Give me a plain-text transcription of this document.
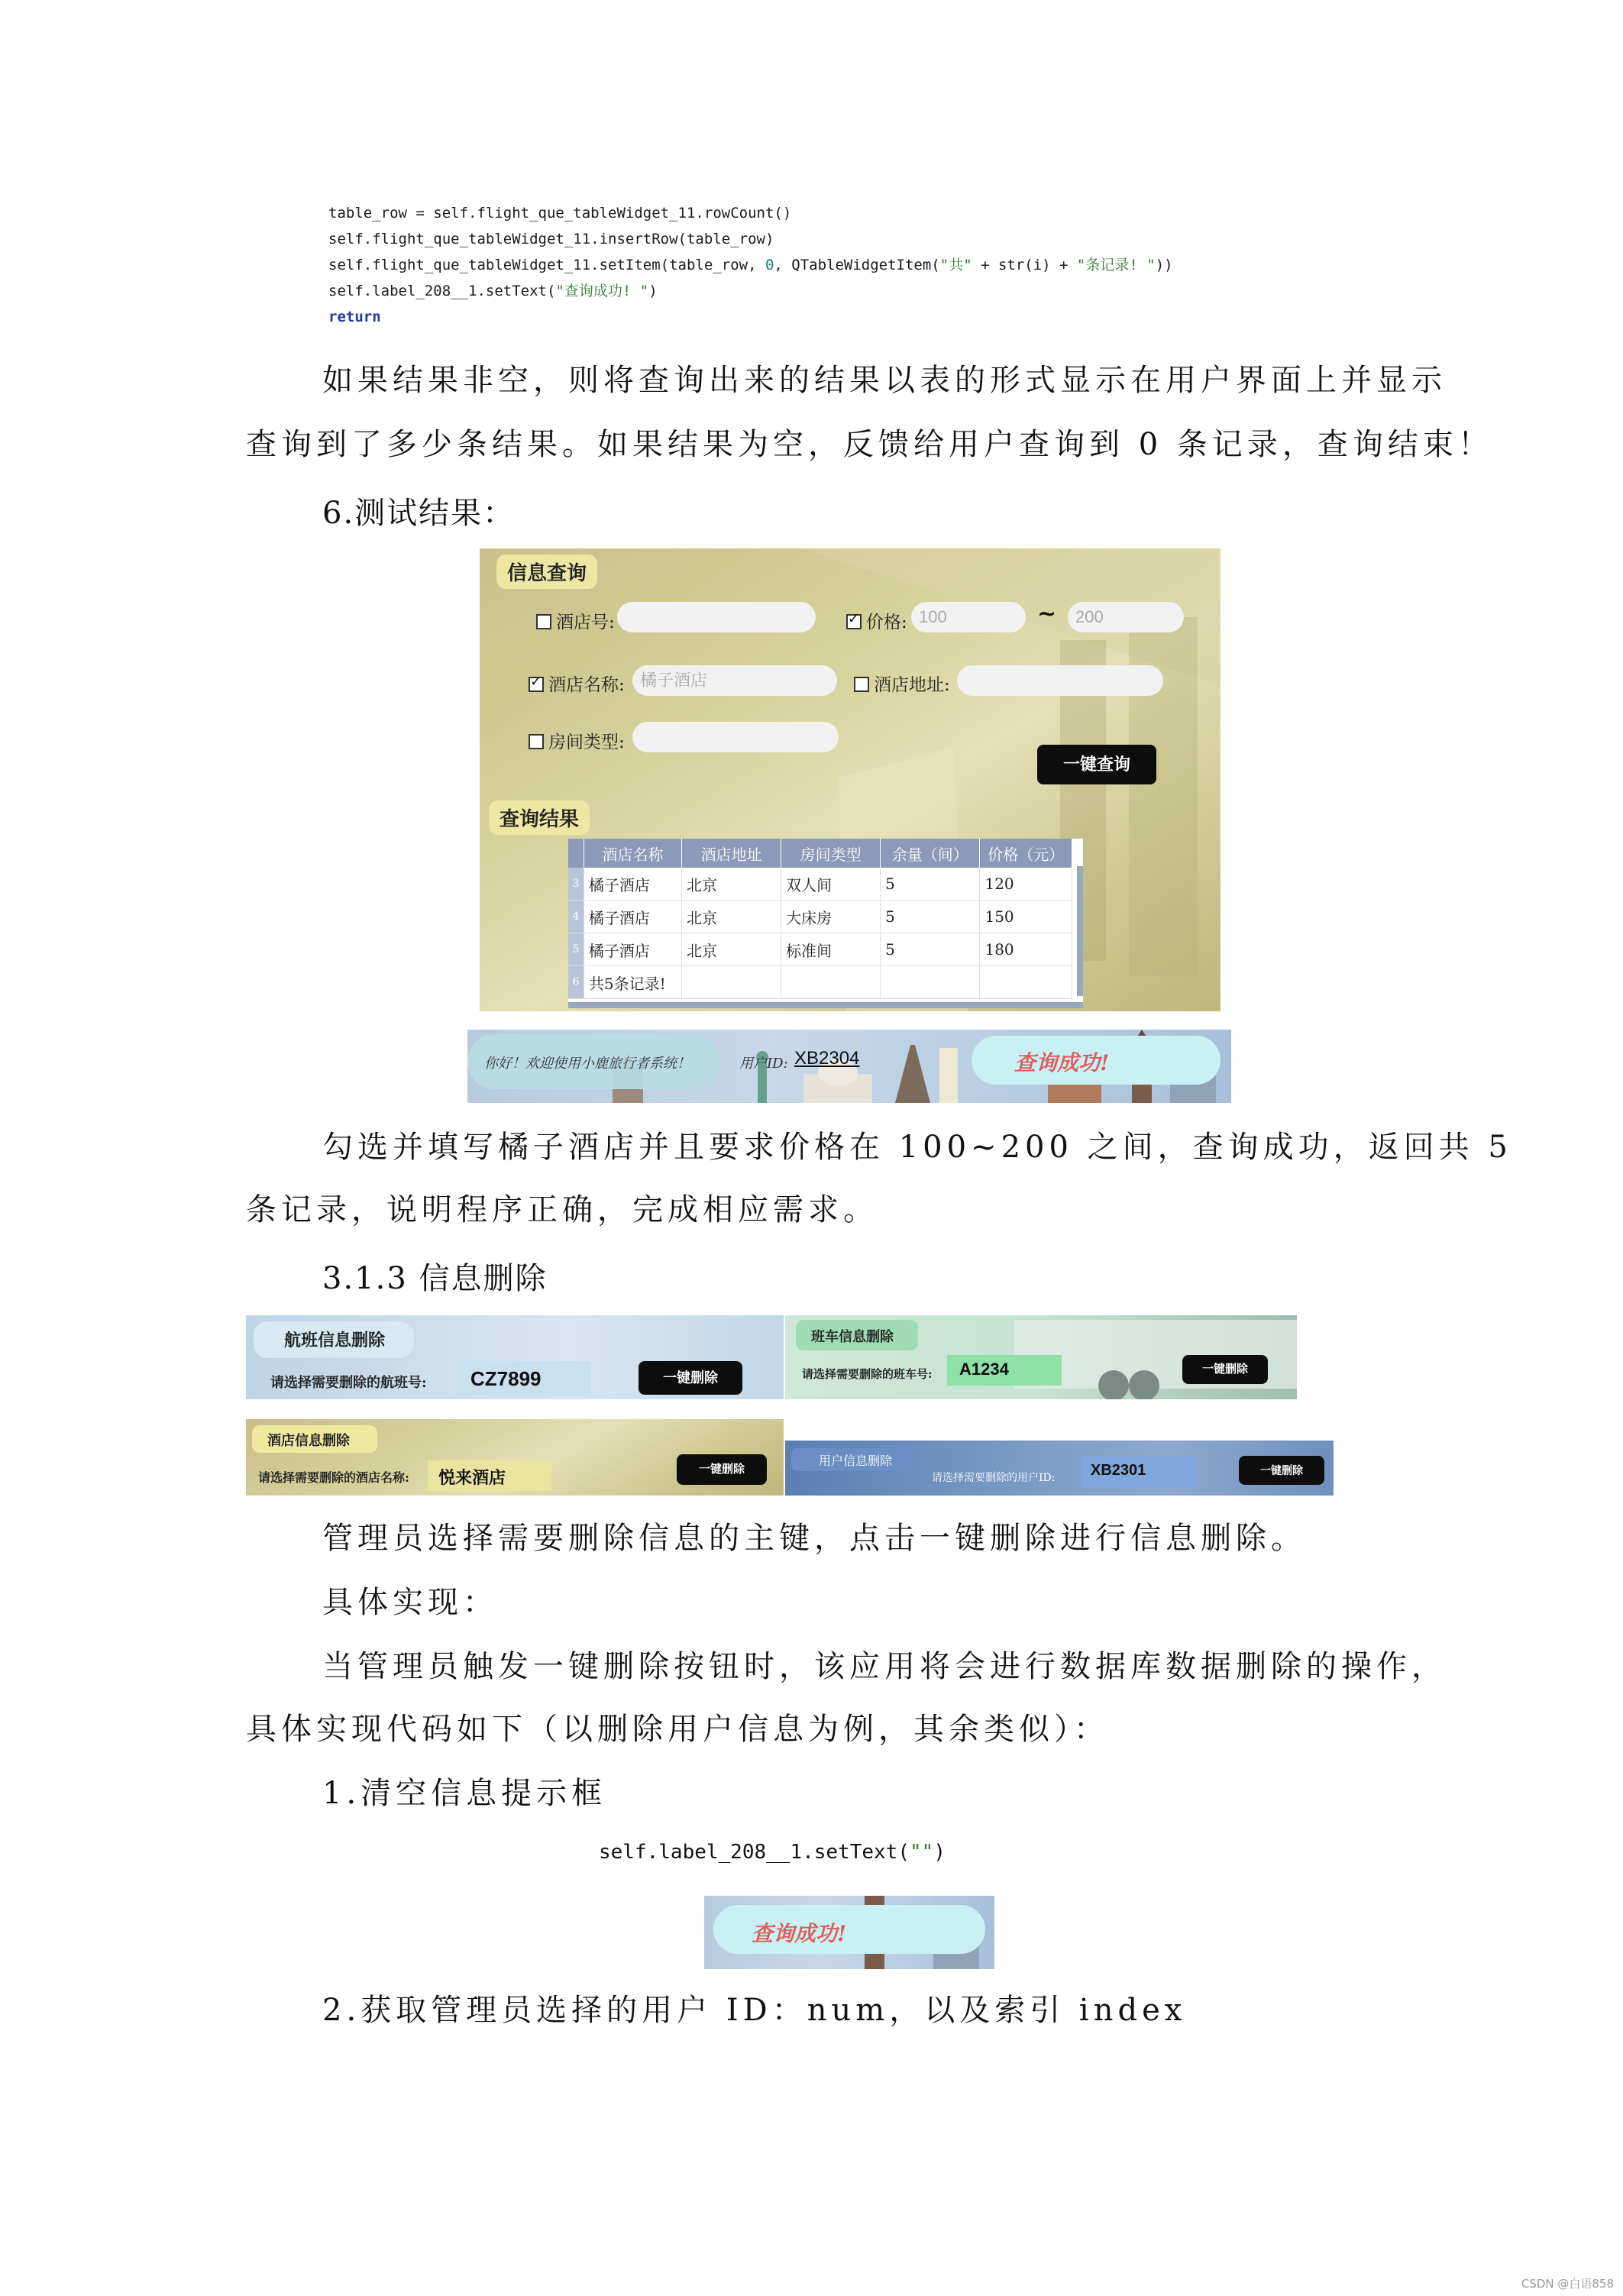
table_row = self.flight_que_tableWidget_11.rowCount()
self.flight_que_tableWidget_11.insertRow(table_row)
self.flight_que_tableWidget_11.setItem(table_row, 0, QTableWidgetItem("共" + str(i) + "条记录! "))
self.label_208__1.setText("查询成功! ")
return
如果结果非空，则将查询出来的结果以表的形式显示在用户界面上并显示
查询到了多少条结果。如果结果为空，反馈给用户查询到 0 条记录，查询结束！
6.测试结果：
信息查询
酒店号: ✓	价格: 100	~	200
✓酒店名称: 橘子酒店	酒店地址:
房间类型:
一键查询
查询结果
	酒店名称	酒店地址	房间类型	余量（间）	价格（元）
3	橘子酒店	北京	双人间	5	120
4	橘子酒店	北京	大床房	5	150
5	橘子酒店	北京	标准间	5	180
6	共5条记录!				
你好！欢迎使用小鹿旅行者系统！	用户ID: XB2304	查询成功!
勾选并填写橘子酒店并且要求价格在 100~200 之间，查询成功，返回共 5
条记录，说明程序正确，完成相应需求。
3.1.3 信息删除
航班信息删除
请选择需要删除的航班号: CZ7899	一键删除
班车信息删除
请选择需要删除的班车号: A1234	一键删除
酒店信息删除
请选择需要删除的酒店名称: 悦来酒店	一键删除
用户信息删除
请选择需要删除的用户ID: XB2301	一键删除
管理员选择需要删除信息的主键，点击一键删除进行信息删除。
具体实现：
当管理员触发一键删除按钮时，该应用将会进行数据库数据删除的操作，
具体实现代码如下（以删除用户信息为例，其余类似）：
1.清空信息提示框
self.label_208__1.setText("")
查询成功!
2.获取管理员选择的用户 ID：num，以及索引 index
CSDN @白语858
